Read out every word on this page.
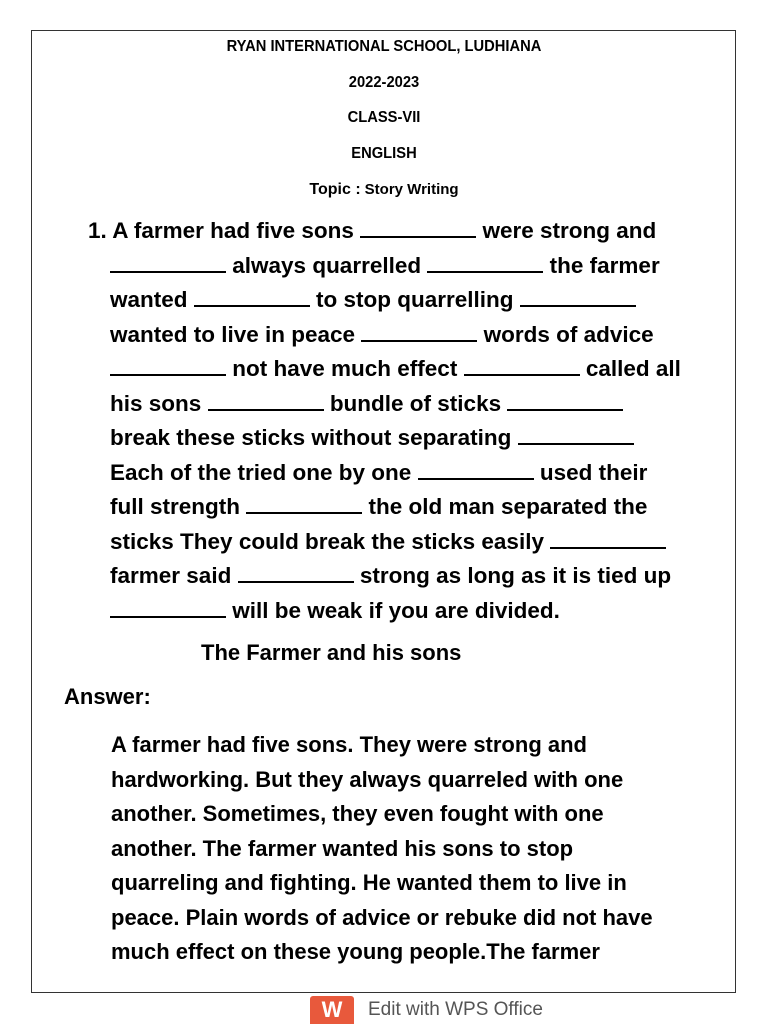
RYAN INTERNATIONAL SCHOOL, LUDHIANA
2022-2023
CLASS-VII
ENGLISH
Topic : Story Writing
1. A farmer had five sons	were strong and
always quarrelled	the farmer
wanted	to stop quarrelling
wanted to live in peace	words of advice
not have much effect	called all
his sons	bundle of sticks
break these sticks without separating
Each of the tried one by one	used their
full strength	the old man separated the
sticks They could break the sticks easily
farmer said	strong as long as it is tied up
will be weak if you are divided.
The Farmer and his sons
Answer:
A farmer had five sons. They were strong and
hardworking. But they always quarreled with one
another. Sometimes, they even fought with one
another. The farmer wanted his sons to stop
quarreling and fighting. He wanted them to live in
peace. Plain words of advice or rebuke did not have
much effect on these young people.The farmer
W	Edit with WPS Office
